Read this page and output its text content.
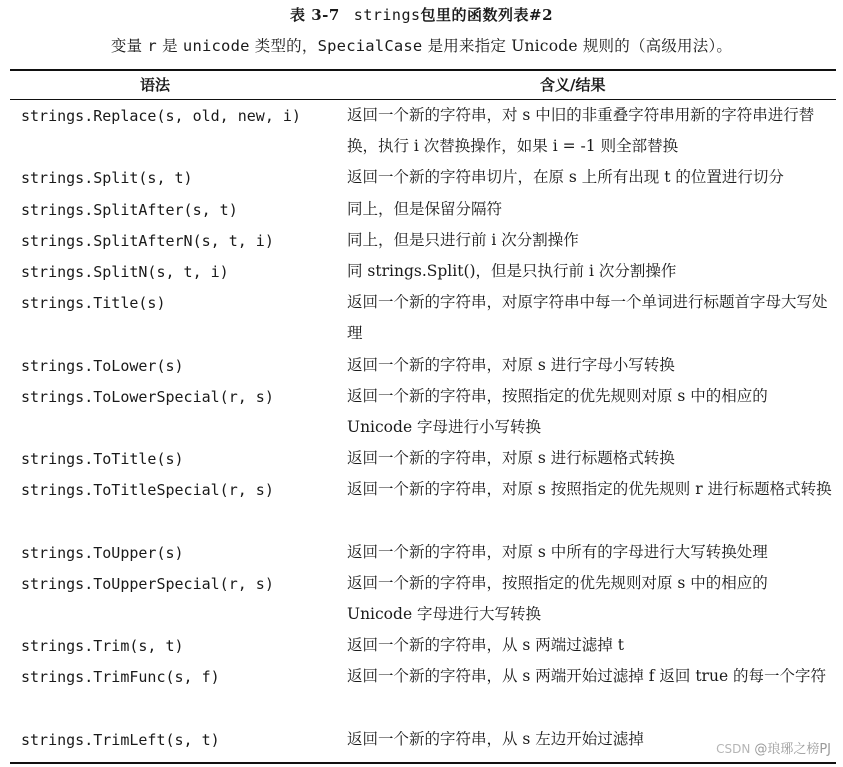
表 3-7 strings包里的函数列表#2
变量 r 是 unicode 类型的，SpecialCase 是用来指定 Unicode 规则的（高级用法）。
语法	含义/结果
strings.Replace(s, old, new, i)	返回一个新的字符串，对 s 中旧的非重叠字符串用新的字符串进行替换，执行 i 次替换操作，如果 i = -1 则全部替换
strings.Split(s, t)	返回一个新的字符串切片，在原 s 上所有出现 t 的位置进行切分
strings.SplitAfter(s, t)	同上，但是保留分隔符
strings.SplitAfterN(s, t, i)	同上，但是只进行前 i 次分割操作
strings.SplitN(s, t, i)	同 strings.Split()，但是只执行前 i 次分割操作
strings.Title(s)	返回一个新的字符串，对原字符串中每一个单词进行标题首字母大写处理
strings.ToLower(s)	返回一个新的字符串，对原 s 进行字母小写转换
strings.ToLowerSpecial(r, s)	返回一个新的字符串，按照指定的优先规则对原 s 中的相应的 Unicode 字母进行小写转换
strings.ToTitle(s)	返回一个新的字符串，对原 s 进行标题格式转换
strings.ToTitleSpecial(r, s)	返回一个新的字符串，对原 s 按照指定的优先规则 r 进行标题格式转换
strings.ToUpper(s)	返回一个新的字符串，对原 s 中所有的字母进行大写转换处理
strings.ToUpperSpecial(r, s)	返回一个新的字符串，按照指定的优先规则对原 s 中的相应的 Unicode 字母进行大写转换
strings.Trim(s, t)	返回一个新的字符串，从 s 两端过滤掉 t
strings.TrimFunc(s, f)	返回一个新的字符串，从 s 两端开始过滤掉 f 返回 true 的每一个字符
strings.TrimLeft(s, t)	返回一个新的字符串，从 s 左边开始过滤掉
CSDN @琅琊之榜PJ
